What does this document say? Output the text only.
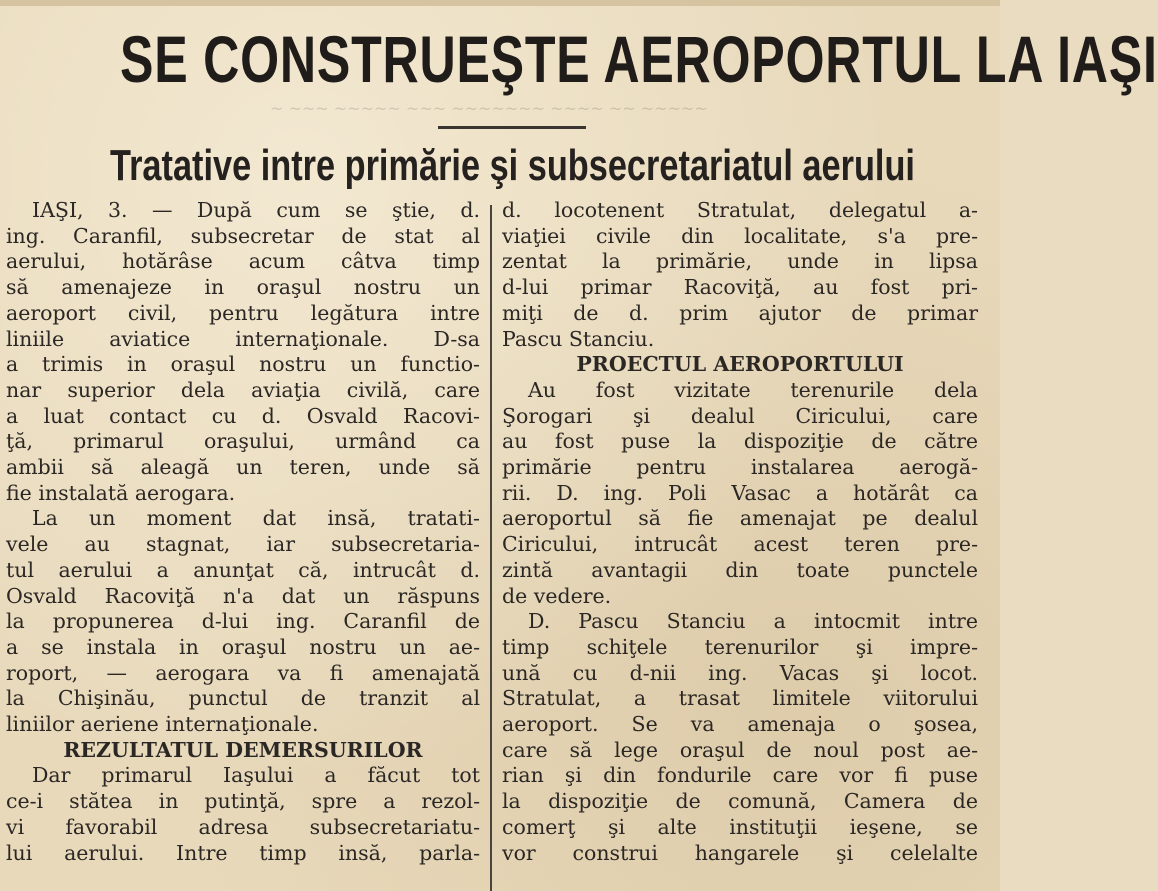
SE CONSTRUEŞTE AEROPORTUL LA IAŞI
~ ~~~ ~~~~~ ~~~ ~~~~~~~ ~~~~ ~~ ~~~~~
Tratative intre primărie şi subsecretariatul aerului
IAŞI, 3. — După cum se ştie, d.
ing. Caranfil, subsecretar de stat al
aerului, hotărâse acum câtva timp
să amenajeze in oraşul nostru un
aeroport civil, pentru legătura intre
liniile aviatice internaţionale. D-sa
a trimis in oraşul nostru un functio-
nar superior dela aviaţia civilă, care
a luat contact cu d. Osvald Racovi-
ţă, primarul oraşului, urmând ca
ambii să aleagă un teren, unde să
fie instalată aerogara.
La un moment dat insă, tratati-
vele au stagnat, iar subsecretaria-
tul aerului a anunţat că, intrucât d.
Osvald Racoviţă n'a dat un răspuns
la propunerea d-lui ing. Caranfil de
a se instala in oraşul nostru un ae-
roport, — aerogara va fi amenajată
la Chişinău, punctul de tranzit al
liniilor aeriene internaţionale.
REZULTATUL DEMERSURILOR
Dar primarul Iaşului a făcut tot
ce-i stătea in putinţă, spre a rezol-
vi favorabil adresa subsecretariatu-
lui aerului. Intre timp insă, parla-
d. locotenent Stratulat, delegatul a-
viaţiei civile din localitate, s'a pre-
zentat la primărie, unde in lipsa
d-lui primar Racoviţă, au fost pri-
miţi de d. prim ajutor de primar
Pascu Stanciu.
PROECTUL AEROPORTULUI
Au fost vizitate terenurile dela
Şorogari şi dealul Ciricului, care
au fost puse la dispoziţie de către
primărie pentru instalarea aerogă-
rii. D. ing. Poli Vasac a hotărât ca
aeroportul să fie amenajat pe dealul
Ciricului, intrucât acest teren pre-
zintă avantagii din toate punctele
de vedere.
D. Pascu Stanciu a intocmit intre
timp schiţele terenurilor şi impre-
ună cu d-nii ing. Vacas şi locot.
Stratulat, a trasat limitele viitorului
aeroport. Se va amenaja o şosea,
care să lege oraşul de noul post ae-
rian şi din fondurile care vor fi puse
la dispoziţie de comună, Camera de
comerţ şi alte instituţii ieşene, se
vor construi hangarele şi celelalte
